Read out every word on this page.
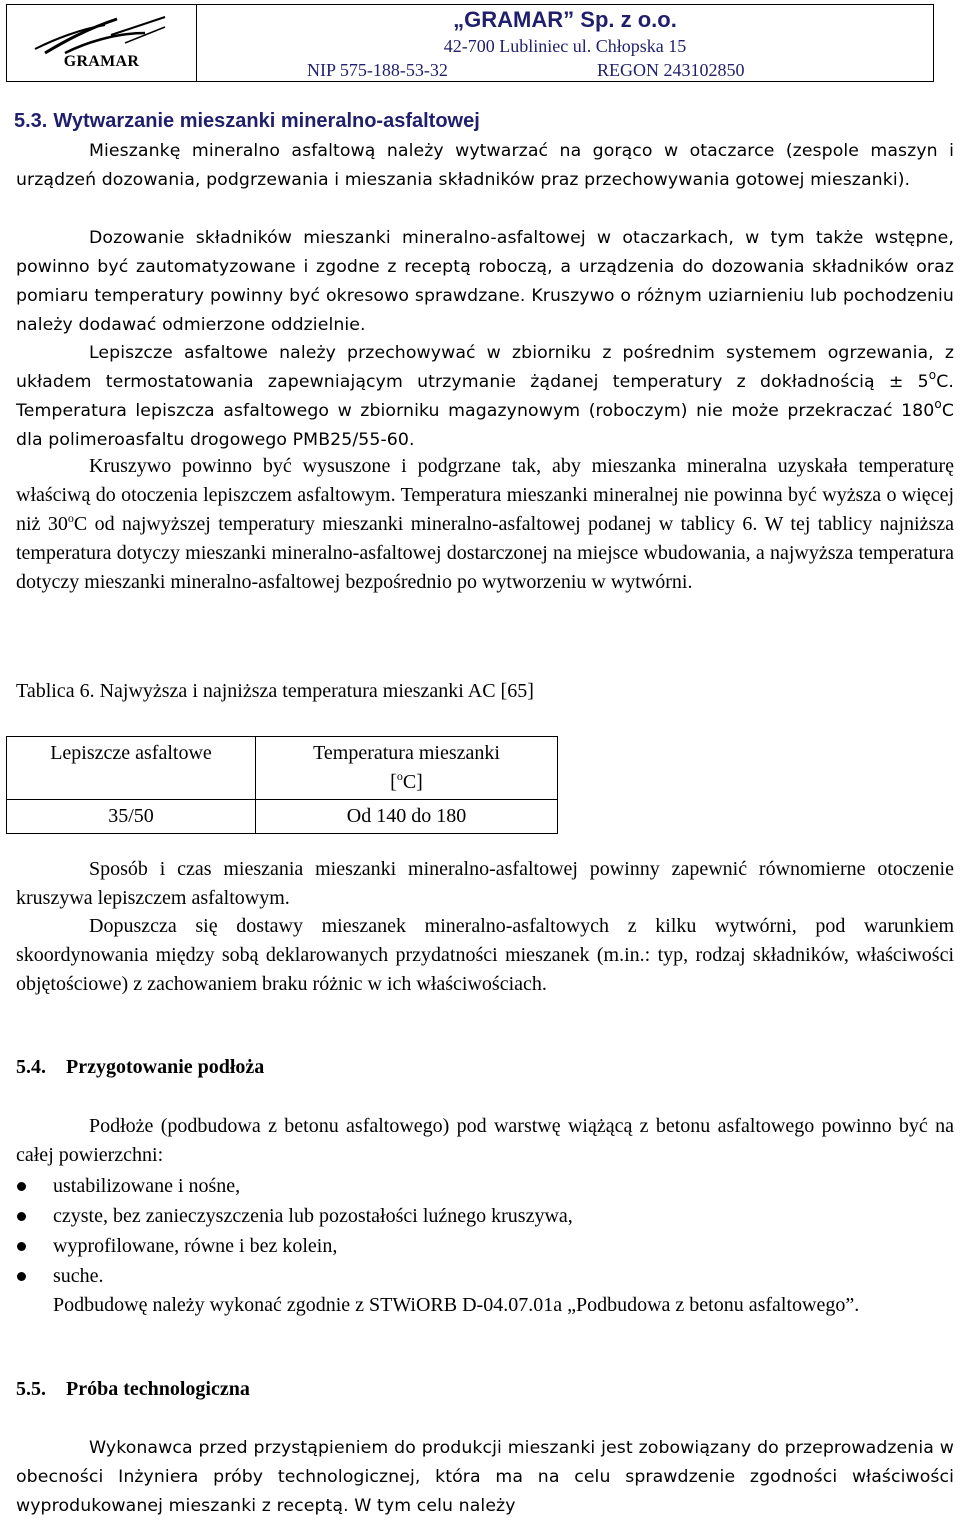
GRAMAR
„GRAMAR” Sp. z o.o.
42-700 Lubliniec ul. Chłopska 15
NIP 575-188-53-32	REGON 243102850
5.3. Wytwarzanie mieszanki mineralno-asfaltowej

Mieszankę mineralno asfaltową należy wytwarzać na gorąco w otaczarce (zespole maszyn i urządzeń dozowania, podgrzewania i mieszania składników praz przechowywania gotowej mieszanki).

Dozowanie składników mieszanki mineralno-asfaltowej w otaczarkach, w tym także wstępne, powinno być zautomatyzowane i zgodne z receptą roboczą, a urządzenia do dozowania składników oraz pomiaru temperatury powinny być okresowo sprawdzane. Kruszywo o różnym uziarnieniu lub pochodzeniu należy dodawać odmierzone oddzielnie.

Lepiszcze asfaltowe należy przechowywać w zbiorniku z pośrednim systemem ogrzewania, z układem termostatowania zapewniającym utrzymanie żądanej temperatury z dokładnością ± $5^oC$. Temperatura lepiszcza asfaltowego w zbiorniku magazynowym (roboczym) nie może przekraczać 180$^o$C dla polimeroasfaltu drogowego PMB25/55-60.

Kruszywo powinno być wysuszone i podgrzane tak, aby mieszanka mineralna uzyskała temperaturę właściwą do otoczenia lepiszczem asfaltowym. Temperatura mieszanki mineralnej nie powinna być wyższa o więcej niż 30$^o$C od najwyższej temperatury mieszanki mineralno-asfaltowej podanej w tablicy 6. W tej tablicy najniższa temperatura dotyczy mieszanki mineralno-asfaltowej dostarczonej na miejsce wbudowania, a najwyższa temperatura dotyczy mieszanki mineralno-asfaltowej bezpośrednio po wytworzeniu w wytwórni.

Tablica 6. Najwyższa i najniższa temperatura mieszanki AC [65]
Lepiszcze asfaltowe	Temperatura mieszanki
[$^o$C]
35/50	Od 140 do 180

Sposób i czas mieszania mieszanki mineralno-asfaltowej powinny zapewnić równomierne otoczenie kruszywa lepiszczem asfaltowym.

Dopuszcza się dostawy mieszanek mineralno-asfaltowych z kilku wytwórni, pod warunkiem skoordynowania między sobą deklarowanych przydatności mieszanek (m.in.: typ, rodzaj składników, właściwości objętościowe) z zachowaniem braku różnic w ich właściwościach.

5.4. Przygotowanie podłoża

Podłoże (podbudowa z betonu asfaltowego) pod warstwę wiążącą z betonu asfaltowego powinno być na całej powierzchni:

ustabilizowane i nośne,
czyste, bez zanieczyszczenia lub pozostałości luźnego kruszywa,
wyprofilowane, równe i bez kolein,
suche.

Podbudowę należy wykonać zgodnie z STWiORB D-04.07.01a „Podbudowa z betonu asfaltowego”.

5.5. Próba technologiczna

Wykonawca przed przystąpieniem do produkcji mieszanki jest zobowiązany do przeprowadzenia w obecności Inżyniera próby technologicznej, która ma na celu sprawdzenie zgodności właściwości wyprodukowanej mieszanki z receptą. W tym celu należy
